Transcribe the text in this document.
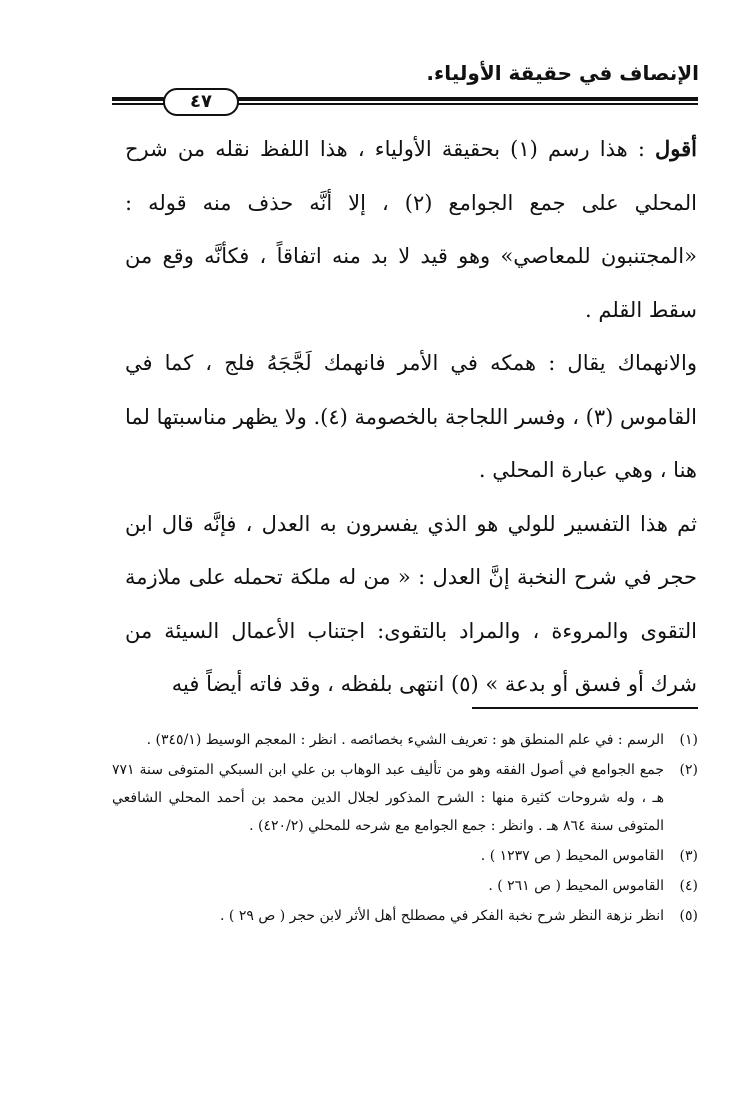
الإنصاف في حقيقة الأولياء.
٤٧

أقول : هذا رسم (١) بحقيقة الأولياء ، هذا اللفظ نقله من شرح المحلي على جمع الجوامع (٢) ، إلا أنَّه حذف منه قوله : «المجتنبون للمعاصي» وهو قيد لا بد منه اتفاقاً ، فكأنَّه وقع من سقط القلم .

والانهماك يقال : همكه في الأمر فانهمك لَجَّجَهُ فلج ، كما في القاموس (٣) ، وفسر اللجاجة بالخصومة (٤). ولا يظهر مناسبتها لما هنا ، وهي عبارة المحلي .

ثم هذا التفسير للولي هو الذي يفسرون به العدل ، فإنَّه قال ابن حجر في شرح النخبة إنَّ العدل : « من له ملكة تحمله على ملازمة التقوى والمروءة ، والمراد بالتقوى: اجتناب الأعمال السيئة من شرك أو فسق أو بدعة » (٥) انتهى بلفظه ، وقد فاته أيضاً فيه

(١)
الرسم : في علم المنطق هو : تعريف الشيء بخصائصه . انظر : المعجم الوسيط (٣٤٥/١) .
(٢)
جمع الجوامع في أصول الفقه وهو من تأليف عبد الوهاب بن علي ابن السبكي المتوفى سنة ٧٧١ هـ ، وله شروحات كثيرة منها : الشرح المذكور لجلال الدين محمد بن أحمد المحلي الشافعي المتوفى سنة ٨٦٤ هـ . وانظر : جمع الجوامع مع شرحه للمحلي (٤٢٠/٢) .
(٣)
القاموس المحيط ( ص ١٢٣٧ ) .
(٤)
القاموس المحيط ( ص ٢٦١ ) .
(٥)
انظر نزهة النظر شرح نخبة الفكر في مصطلح أهل الأثر لابن حجر ( ص ٢٩ ) .
